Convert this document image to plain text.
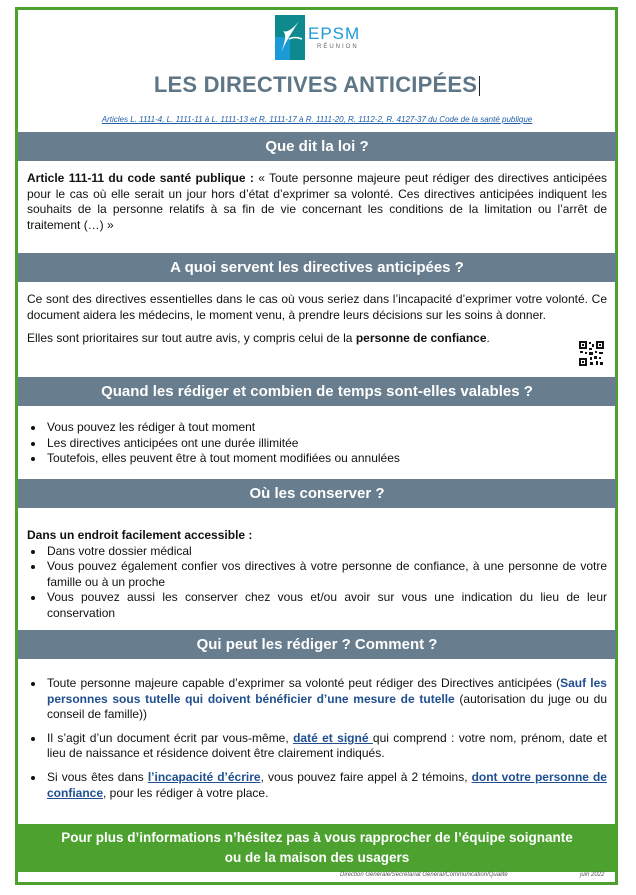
EPSM
RÉUNION
LES DIRECTIVES ANTICIPÉES
Articles L. 1111-4, L. 1111-11 à L. 1111-13 et R. 1111-17 à R. 1111-20, R. 1112-2, R. 4127-37 du Code de la santé publique
Que dit la loi ?

Article 111-11 du code santé publique : « Toute personne majeure peut rédiger des directives anticipées pour le cas où elle serait un jour hors d’état d’exprimer sa volonté. Ces directives anticipées indiquent les souhaits de la personne relatifs à sa fin de vie concernant les conditions de la limitation ou l’arrêt de traitement (…) »

A quoi servent les directives anticipées ?

Ce sont des directives essentielles dans le cas où vous seriez dans l’incapacité d’exprimer votre volonté. Ce document aidera les médecins, le moment venu, à prendre leurs décisions sur les soins à donner.

Elles sont prioritaires sur tout autre avis, y compris celui de la personne de confiance.

Quand les rédiger et combien de temps sont-elles valables ?
• Vous pouvez les rédiger à tout moment
• Les directives anticipées ont une durée illimitée
• Toutefois, elles peuvent être à tout moment modifiées ou annulées
Où les conserver ?

Dans un endroit facilement accessible :

• Dans votre dossier médical
• Vous pouvez également confier vos directives à votre personne de confiance, à une personne de votre famille ou à un proche
• Vous pouvez aussi les conserver chez vous et/ou avoir sur vous une indication du lieu de leur conservation
Qui peut les rédiger ? Comment ?
• Toute personne majeure capable d’exprimer sa volonté peut rédiger des Directives anticipées (Sauf les personnes sous tutelle qui doivent bénéficier d’une mesure de tutelle (autorisation du juge ou du conseil de famille))
• Il s’agit d’un document écrit par vous-même, daté et signé qui comprend : votre nom, prénom, date et lieu de naissance et résidence doivent être clairement indiqués.
• Si vous êtes dans l’incapacité d’écrire, vous pouvez faire appel à 2 témoins, dont votre personne de confiance, pour les rédiger à votre place.
Pour plus d’informations n’hésitez pas à vous rapprocher de l’équipe soignante
ou de la maison des usagers
Direction Générale/Secrétariat Général/Communication/Qualité	juin 2022
